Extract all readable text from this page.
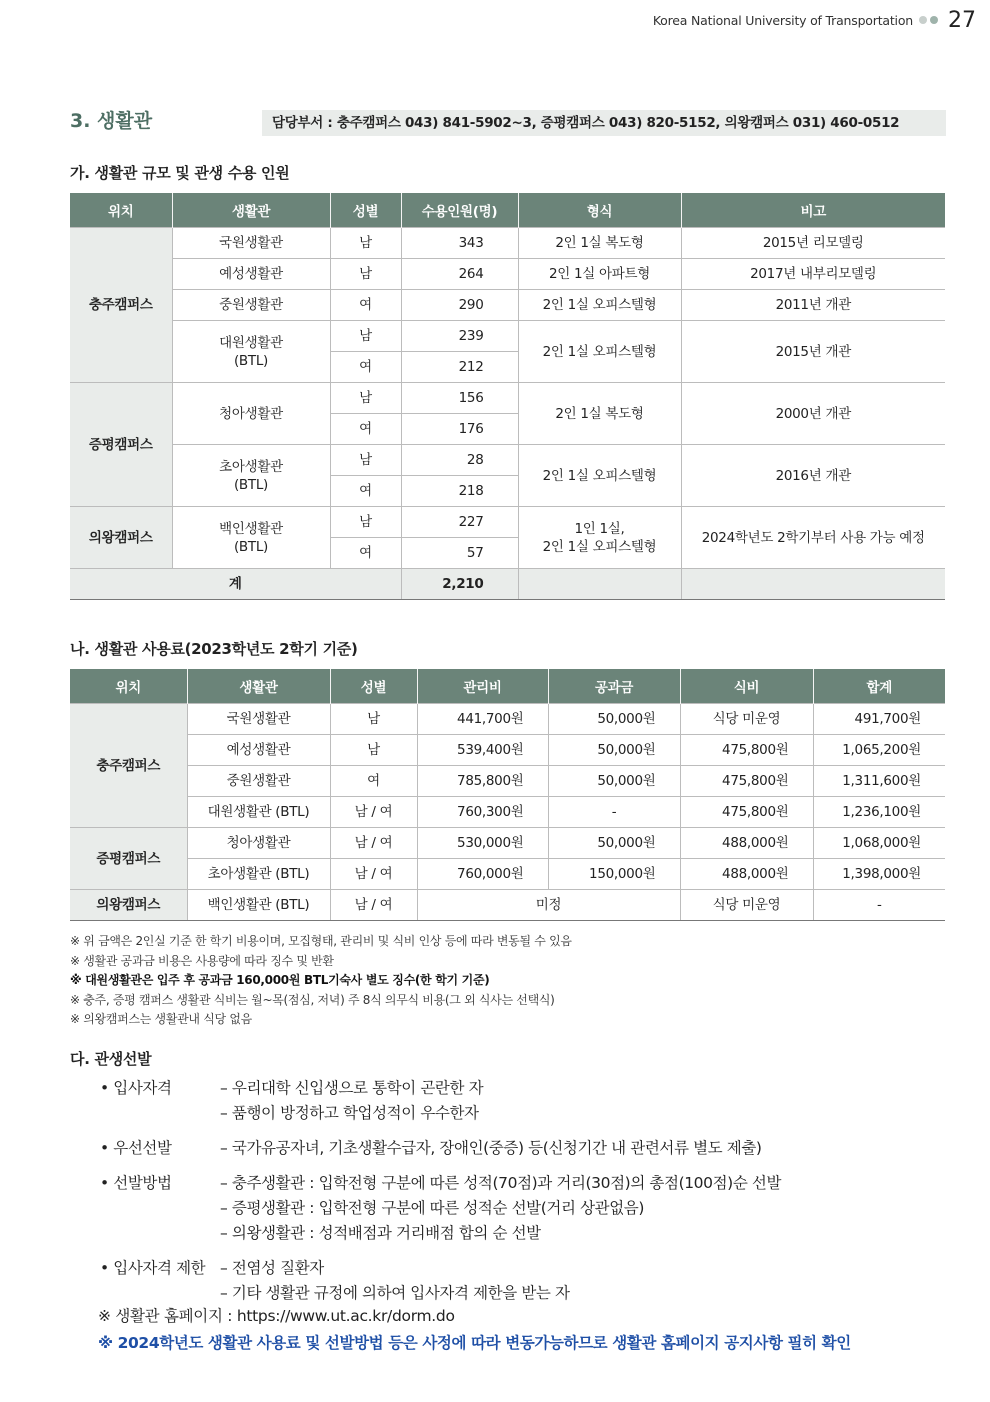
Korea National University of Transportation 27
3. 생활관	담당부서 : 충주캠퍼스 043) 841-5902~3, 증평캠퍼스 043) 820-5152, 의왕캠퍼스 031) 460-0512
가. 생활관 규모 및 관생 수용 인원
위치	생활관	성별	수용인원(명)	형식	비고
충주캠퍼스	국원생활관	남	343	2인 1실 복도형	2015년 리모델링
	예성생활관	남	264	2인 1실 아파트형	2017년 내부리모델링
	중원생활관	여	290	2인 1실 오피스텔형	2011년 개관
	대원생활관
(BTL)	남	239	2인 1실 오피스텔형	2015년 개관
		여	212		
증평캠퍼스	청아생활관	남	156	2인 1실 복도형	2000년 개관
		여	176		
	초아생활관
(BTL)	남	28	2인 1실 오피스텔형	2016년 개관
		여	218		
의왕캠퍼스	백인생활관
(BTL)	남	227	1인 1실,
2인 1실 오피스텔형	2024학년도 2학기부터 사용 가능 예정
		여	57		
계			2,210		
나. 생활관 사용료(2023학년도 2학기 기준)
위치	생활관	성별	관리비	공과금	식비	합계
충주캠퍼스	국원생활관	남	441,700원	50,000원	식당 미운영	491,700원
	예성생활관	남	539,400원	50,000원	475,800원	1,065,200원
	중원생활관	여	785,800원	50,000원	475,800원	1,311,600원
	대원생활관 (BTL)	남 / 여	760,300원	-	475,800원	1,236,100원
증평캠퍼스	청아생활관	남 / 여	530,000원	50,000원	488,000원	1,068,000원
	초아생활관 (BTL)	남 / 여	760,000원	150,000원	488,000원	1,398,000원
의왕캠퍼스	백인생활관 (BTL)	남 / 여	미정		식당 미운영	-
※ 위 금액은 2인실 기준 한 학기 비용이며, 모집형태, 관리비 및 식비 인상 등에 따라 변동될 수 있음
※ 생활관 공과금 비용은 사용량에 따라 징수 및 반환
※ 대원생활관은 입주 후 공과금 160,000원 BTL기숙사 별도 징수(한 학기 기준)
※ 충주, 증평 캠퍼스 생활관 식비는 월~목(점심, 저녁) 주 8식 의무식 비용(그 외 식사는 선택식)
※ 의왕캠퍼스는 생활관내 식당 없음
다. 관생선발
• 입사자격	– 우리대학 신입생으로 통학이 곤란한 자
– 품행이 방정하고 학업성적이 우수한자
• 우선선발	– 국가유공자녀, 기초생활수급자, 장애인(중증) 등(신청기간 내 관련서류 별도 제출)
• 선발방법	– 충주생활관 : 입학전형 구분에 따른 성적(70점)과 거리(30점)의 총점(100점)순 선발
– 증평생활관 : 입학전형 구분에 따른 성적순 선발(거리 상관없음)
– 의왕생활관 : 성적배점과 거리배점 합의 순 선발
• 입사자격 제한 – 전염성 질환자
– 기타 생활관 규정에 의하여 입사자격 제한을 받는 자
※ 생활관 홈페이지 : https://www.ut.ac.kr/dorm.do
※ 2024학년도 생활관 사용료 및 선발방법 등은 사정에 따라 변동가능하므로 생활관 홈페이지 공지사항 필히 확인
